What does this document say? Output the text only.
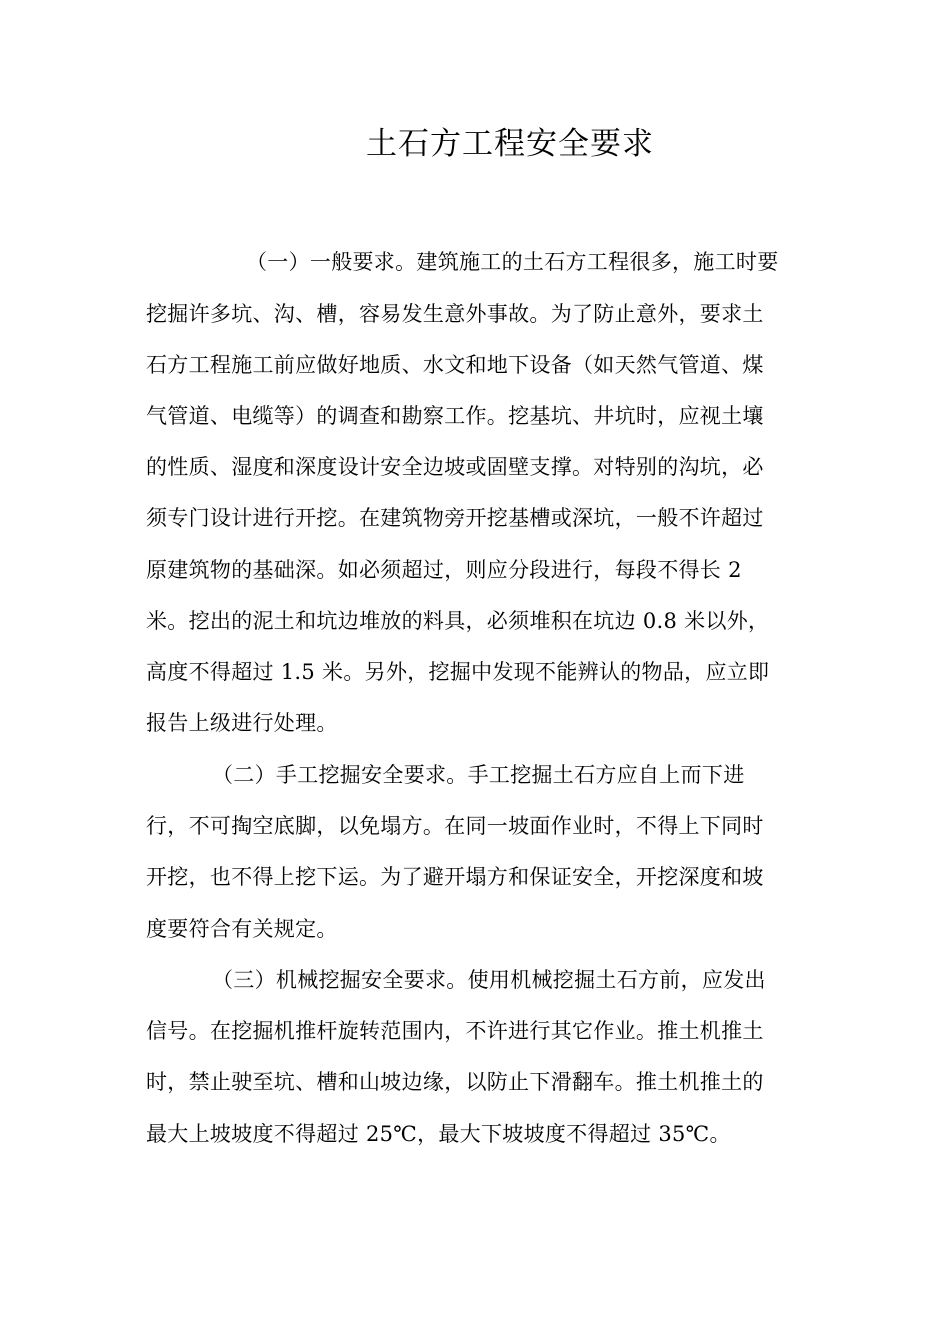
土石方工程安全要求
（一）一般要求。建筑施工的土石方工程很多，施工时要
挖掘许多坑、沟、槽，容易发生意外事故。为了防止意外，要求土
石方工程施工前应做好地质、水文和地下设备（如天然气管道、煤
气管道、电缆等）的调查和勘察工作。挖基坑、井坑时，应视土壤
的性质、湿度和深度设计安全边坡或固壁支撑。对特别的沟坑，必
须专门设计进行开挖。在建筑物旁开挖基槽或深坑，一般不许超过
原建筑物的基础深。如必须超过，则应分段进行，每段不得长 2
米。挖出的泥土和坑边堆放的料具，必须堆积在坑边 0.8 米以外，
高度不得超过 1.5 米。另外，挖掘中发现不能辨认的物品，应立即
报告上级进行处理。
（二）手工挖掘安全要求。手工挖掘土石方应自上而下进
行，不可掏空底脚，以免塌方。在同一坡面作业时，不得上下同时
开挖，也不得上挖下运。为了避开塌方和保证安全，开挖深度和坡
度要符合有关规定。
（三）机械挖掘安全要求。使用机械挖掘土石方前，应发出
信号。在挖掘机推杆旋转范围内，不许进行其它作业。推土机推土
时，禁止驶至坑、槽和山坡边缘，以防止下滑翻车。推土机推土的
最大上坡坡度不得超过 25℃，最大下坡坡度不得超过 35℃。
